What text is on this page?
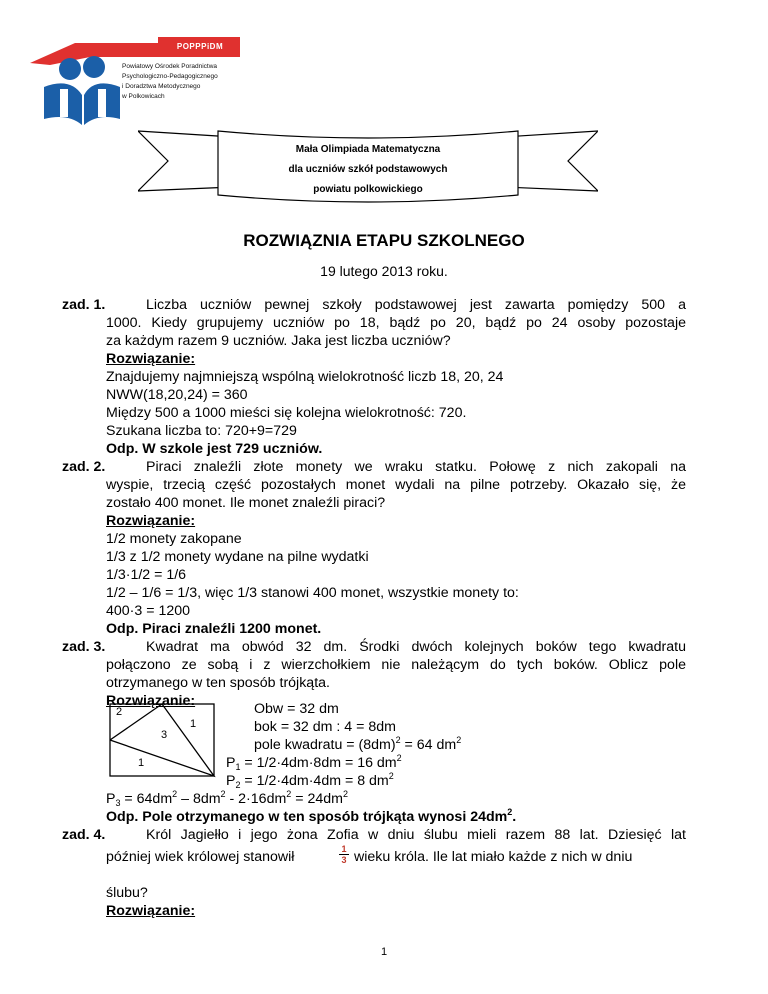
POPPPiDM
Powiatowy Ośrodek Poradnictwa
Psychologiczno-Pedagogicznego
i Doradztwa Metodycznego
w Polkowicach
Mała Olimpiada Matematyczna
dla uczniów szkół podstawowych
powiatu polkowickiego
ROZWIĄZNIA ETAPU SZKOLNEGO
19 lutego 2013 roku.
zad. 1.	Liczba uczniów pewnej szkoły podstawowej jest zawarta pomiędzy 500 a
1000. Kiedy grupujemy uczniów po 18, bądź po 20, bądź po 24 osoby pozostaje
za każdym razem 9 uczniów. Jaka jest liczba uczniów?
Rozwiązanie:
Znajdujemy najmniejszą wspólną wielokrotność liczb 18, 20, 24
NWW(18,20,24) = 360
Między 500 a 1000 mieści się kolejna wielokrotność: 720.
Szukana liczba to: 720+9=729
Odp. W szkole jest 729 uczniów.
zad. 2.	Piraci znaleźli złote monety we wraku statku. Połowę z nich zakopali na
wyspie, trzecią część pozostałych monet wydali na pilne potrzeby. Okazało się, że
zostało 400 monet. Ile monet znaleźli piraci?
Rozwiązanie:
1/2 monety zakopane
1/3 z 1/2 monety wydane na pilne wydatki
1/3·1/2 = 1/6
1/2 – 1/6 = 1/3, więc 1/3 stanowi 400 monet, wszystkie monety to:
400·3 = 1200
Odp. Piraci znaleźli 1200 monet.
zad. 3.	Kwadrat ma obwód 32 dm. Środki dwóch kolejnych boków tego kwadratu
połączono ze sobą i z wierzchołkiem nie należącym do tych boków. Oblicz pole
otrzymanego w ten sposób trójkąta.
Rozwiązanie:
2
1
3
1
Obw = 32 dm
bok = 32 dm : 4 = 8dm
pole kwadratu = $(8dm)^2 = 64$ $dm^2$
$P_1 = 1/2\cdot 4dm\cdot 8dm = 16$ $dm^2$
$P_2 = 1/2\cdot 4dm\cdot 4dm = 8$ $dm^2$
$P_3 = 64dm^2 - 8dm^2 - 2\cdot 16dm^2 = 24dm^2$
Odp. Pole otrzymanego w ten sposób trójkąta wynosi $24dm^2$.
zad. 4.	Król Jagiełło i jego żona Zofia w dniu ślubu mieli razem 88 lat. Dziesięć lat
później wiek królowej stanowił	$\frac{1}{3}$ wieku króla. Ile lat miało każde z nich w dniu
ślubu?
Rozwiązanie:
1
